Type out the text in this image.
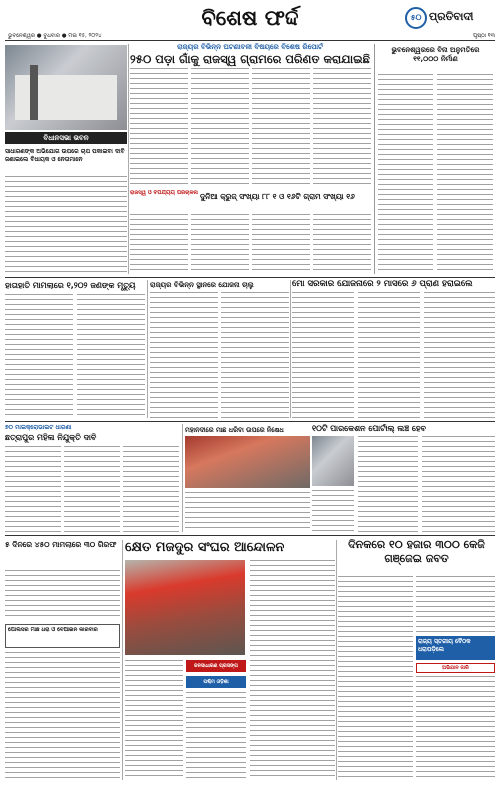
ବିଶେଷ ଫର୍ଦ୍ଦ
ଭୁବନେଶ୍ୱର ● ବୁଧବାର ● ମଇ ୧୫, ୨୦୨୪	ପୃଷ୍ଠା ୧୩
୫୦ ପ୍ରତିବାଦୀ
ରାଜ୍ୟର ବିଭିନ୍ନ ଘଟଣାବଳୀ ବିଷୟରେ ବିଶେଷ ରିପୋର୍ଟ
୨୫୦ ପଡ଼ା ଗାଁକୁ ରାଜସ୍ୱ ଗ୍ରାମରେ ପରିଣତ କରାଯାଇଛି
ବିଧାନସଭା ଭବନ
ସାଧାରଣଙ୍କ ଅଭିଯୋଗ ଉପରେ ଚାପ ପକାଇବା ଦାବି ଜଣାଇଲେ ବିଧାୟକ ଓ ନେତାମାନେ
ଭୁବନେଶ୍ୱରରେ ବିନା ଅନୁମତିରେ ୧୧,୦୦୦ ନିର୍ମାଣ
ରାଜସ୍ୱ ଓ ବିପର୍ଯ୍ୟୟ ପରିଚାଳନା ଦୁନିଆ କ୍ରୁଜ୍ ସଂଖ୍ୟା ୮୮ ୧ ଓ ୧୬ଟି ଗ୍ରାମ ସଂଖ୍ୟା ୧୬
ହାତାହାତି ମାମଲାରେ ୧,୨୦୨ ଜଣଙ୍କ ମୃତ୍ୟୁ	ରାଜ୍ୟର ବିଭିନ୍ନ ସ୍ଥାନରେ ଯୋଜନା ଚାଲୁ	ମୋ ସରକାର ଯୋଜନାରେ ୨ ମାସରେ ୬ ପ୍ରାଣ ହରାଇଲେ
୭୦ ମାଇକ୍ରୋଭାଇଟ ଧାରଣା
ଛତ୍ରାପୁର ମହିଳା ନିଯୁକ୍ତି ଦାବି
ମହାନଦୀରେ ମାଛ ଧରିବା ଉପରେ ନିଷେଧ	୧୦ଟି ପାରକେଶନ ପୋର୍ଟାଲ୍ ଲଞ୍ଚ ହେବ
୫ ଦିନରେ ୪୫୦ ମାମଲାରେ ୩୦ ଗିରଫ କ୍ଷେତ ମଜଦୁର ସଂଘର ଆନ୍ଦୋଳନ	ଦିନକରେ ୧୦ ହଜାର ୩୦୦ କେଜି ଗଞ୍ଜେଇ ଜବତ
ପୋଲିସର ମାଛ ଧରା ଓ ବେଆଇନ କାରବାର
ଜନସାଧାରଣ ପ୍ରସଙ୍ଗ
ପଶ୍ଚିମ ଓଡ଼ିଶା
ରାଜ୍ୟ ସ୍ତରୀୟ ବୈଠକ ଧରାପଡ଼ିଲେ
ଅଭିଯାନ ଜାରି
